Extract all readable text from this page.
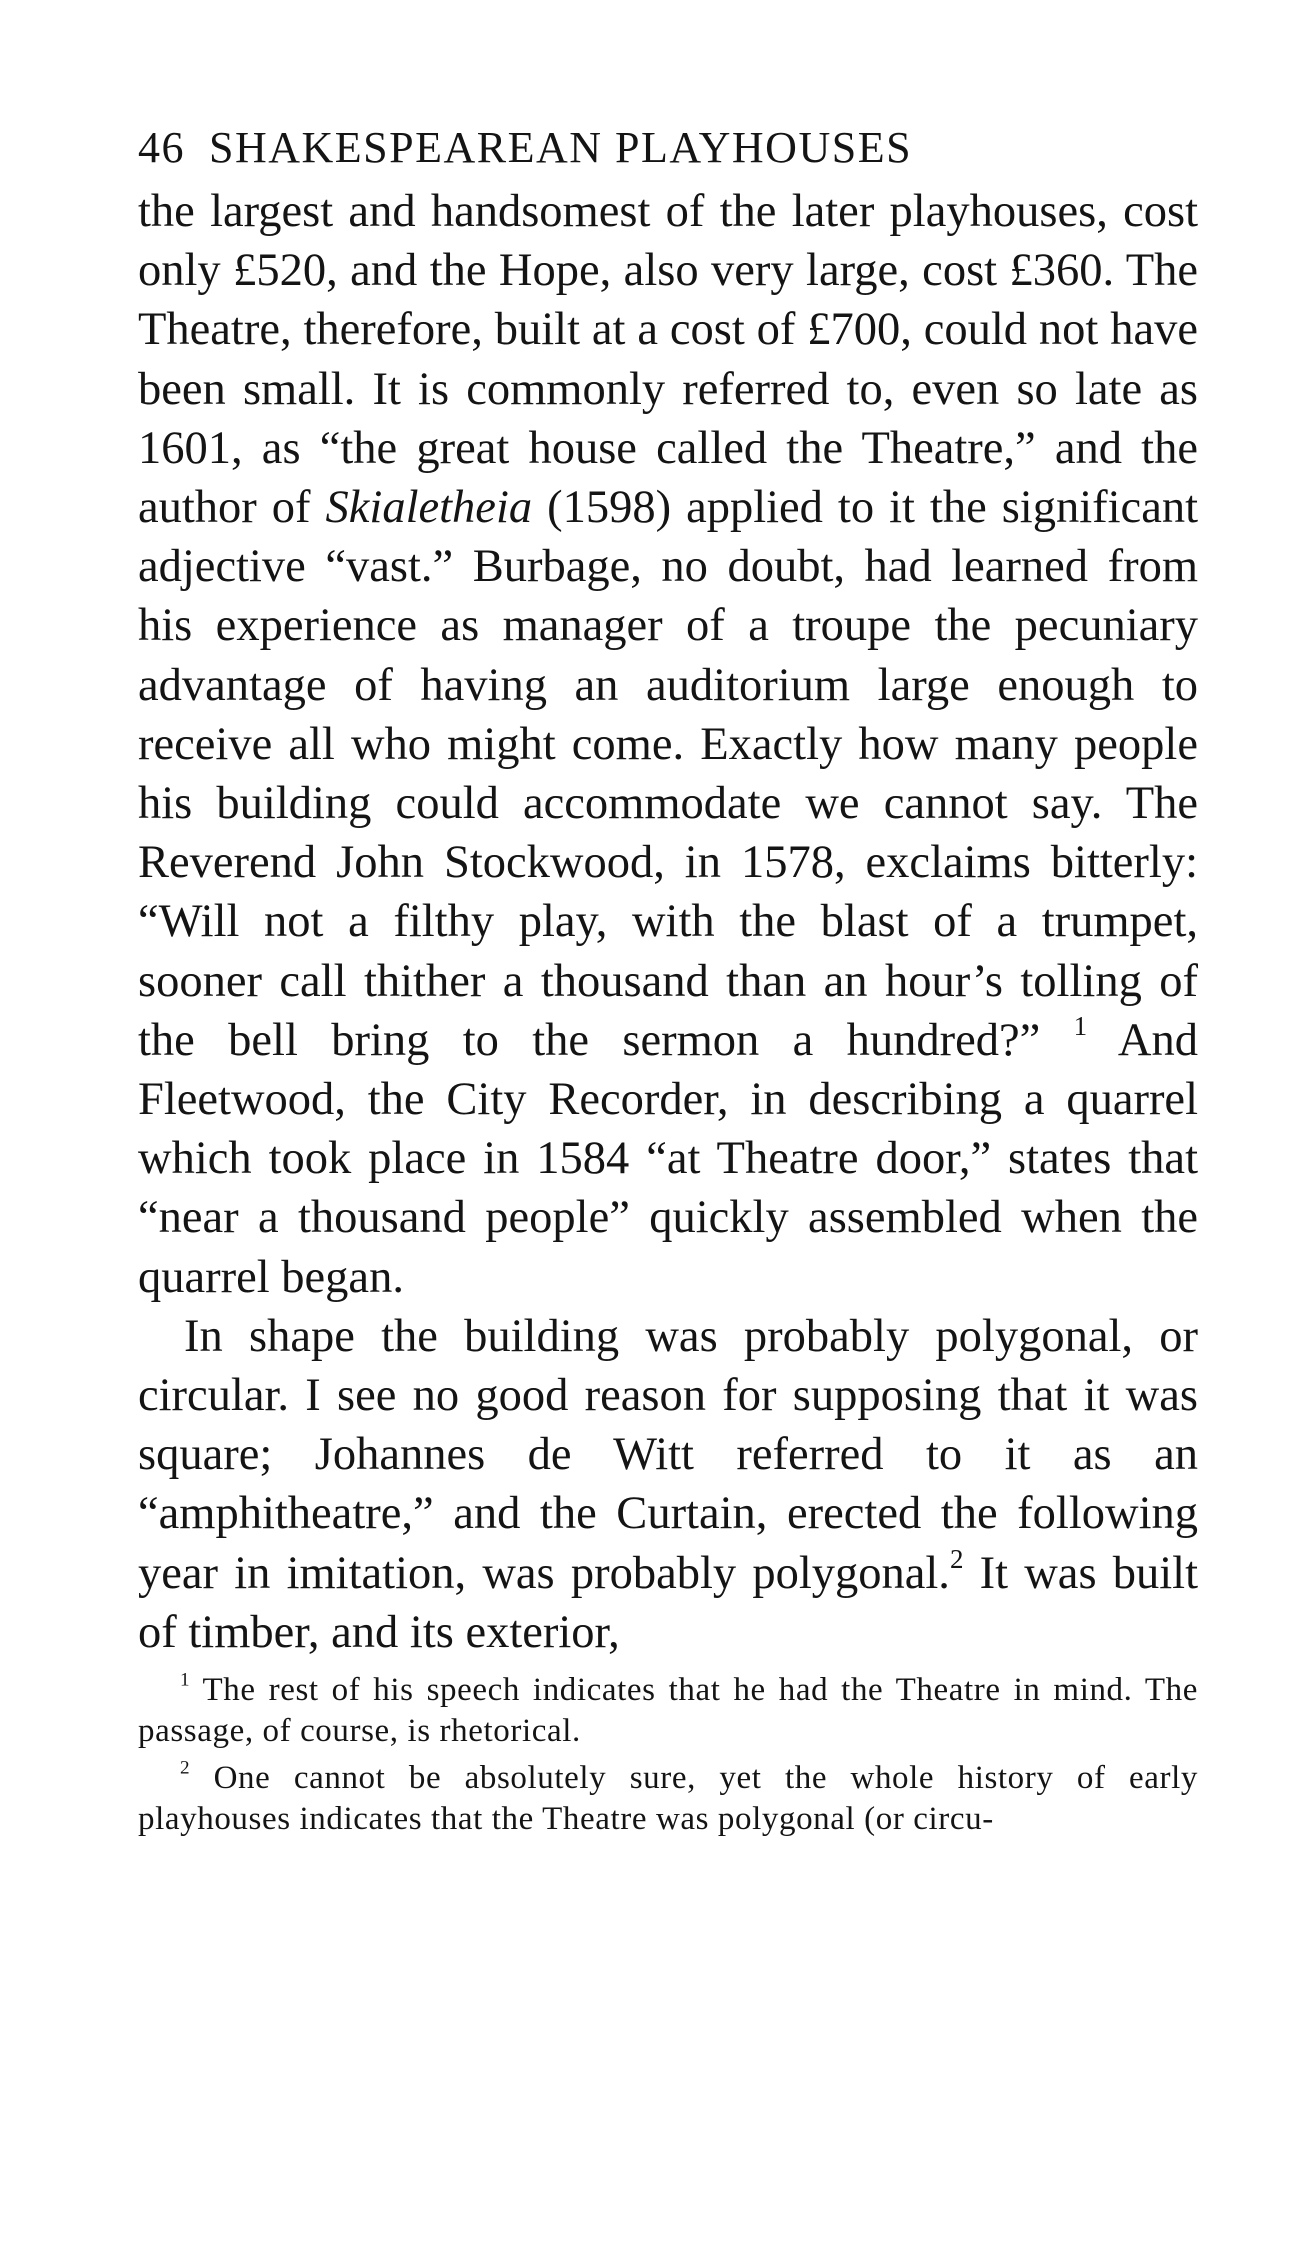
46 SHAKESPEAREAN PLAYHOUSES

the largest and handsomest of the later playhouses, cost only £520, and the Hope, also very large, cost £360. The Theatre, therefore, built at a cost of £700, could not have been small. It is commonly referred to, even so late as 1601, as “the great house called the Theatre,” and the author of Skialetheia (1598) applied to it the significant adjective “vast.” Burbage, no doubt, had learned from his experience as manager of a troupe the pecuniary advantage of having an auditorium large enough to receive all who might come. Exactly how many people his building could accommodate we cannot say. The Reverend John Stockwood, in 1578, exclaims bitterly: “Will not a filthy play, with the blast of a trumpet, sooner call thither a thousand than an hour’s tolling of the bell bring to the sermon a hundred?” $^1$ And Fleetwood, the City Recorder, in describing a quarrel which took place in 1584 “at Theatre door,” states that “near a thousand people” quickly assembled when the quarrel began.

In shape the building was probably polygonal, or circular. I see no good reason for supposing that it was square; Johannes de Witt referred to it as an “amphitheatre,” and the Curtain, erected the following year in imitation, was probably polygonal.$^2$ It was built of timber, and its exterior,

$^1$ The rest of his speech indicates that he had the Theatre in mind. The passage, of course, is rhetorical.

$^2$ One cannot be absolutely sure, yet the whole history of early playhouses indicates that the Theatre was polygonal (or circu-
